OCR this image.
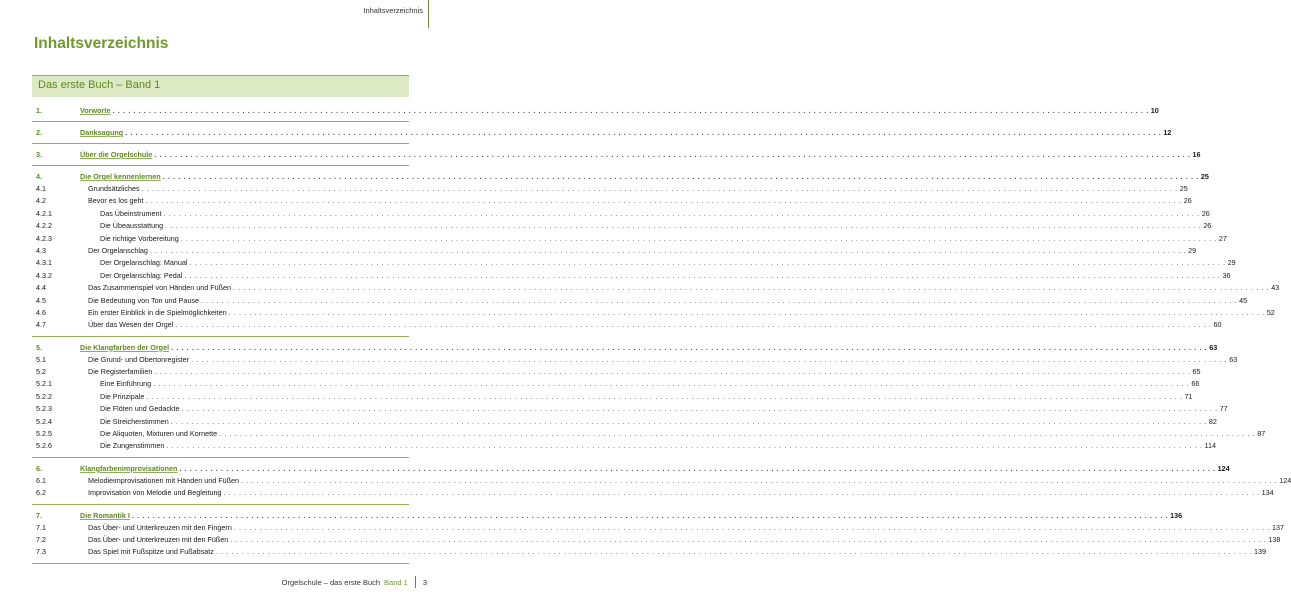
Inhaltsverzeichnis
Inhaltsverzeichnis
Das erste Buch – Band 1
1.	Vorworte . . . . . . . . . . . . . . . . . . . . . . . . . . . . . . . . . . . . . . . . . . . . . . . . . . . . . . . . . . . . . . . . . . . . . . . . . . . . . . . . . . . . . . . . . . . . . . . . . . . . . . . . . . . . . . . . . . . . . . . . . . . . . . . . . . . . . . . . . . . . . . . . . . . . . . . . . . . . . . . . . . . . . . . . . . . . . . . . . . . . . . . . . . . . . . . . . . . . . . . . 10
2.	Danksagung . . . . . . . . . . . . . . . . . . . . . . . . . . . . . . . . . . . . . . . . . . . . . . . . . . . . . . . . . . . . . . . . . . . . . . . . . . . . . . . . . . . . . . . . . . . . . . . . . . . . . . . . . . . . . . . . . . . . . . . . . . . . . . . . . . . . . . . . . . . . . . . . . . . . . . . . . . . . . . . . . . . . . . . . . . . . . . . . . . . . . . . . . . . . . . . . . . . . . . . . 12
3.	Über die Orgelschule . . . . . . . . . . . . . . . . . . . . . . . . . . . . . . . . . . . . . . . . . . . . . . . . . . . . . . . . . . . . . . . . . . . . . . . . . . . . . . . . . . . . . . . . . . . . . . . . . . . . . . . . . . . . . . . . . . . . . . . . . . . . . . . . . . . . . . . . . . . . . . . . . . . . . . . . . . . . . . . . . . . . . . . . . . . . . . . . . . . . . . . . . . . . . . . . . . . . . . . . 16
4.	Die Orgel kennenlernen . . . . . . . . . . . . . . . . . . . . . . . . . . . . . . . . . . . . . . . . . . . . . . . . . . . . . . . . . . . . . . . . . . . . . . . . . . . . . . . . . . . . . . . . . . . . . . . . . . . . . . . . . . . . . . . . . . . . . . . . . . . . . . . . . . . . . . . . . . . . . . . . . . . . . . . . . . . . . . . . . . . . . . . . . . . . . . . . . . . . . . . . . . . . . . . . . . . . . . . . 25
4.1	Grundsätzliches . . . . . . . . . . . . . . . . . . . . . . . . . . . . . . . . . . . . . . . . . . . . . . . . . . . . . . . . . . . . . . . . . . . . . . . . . . . . . . . . . . . . . . . . . . . . . . . . . . . . . . . . . . . . . . . . . . . . . . . . . . . . . . . . . . . . . . . . . . . . . . . . . . . . . . . . . . . . . . . . . . . . . . . . . . . . . . . . . . . . . . . . . . . . . . . . . . . . . . . . 25
4.2	Bevor es los geht . . . . . . . . . . . . . . . . . . . . . . . . . . . . . . . . . . . . . . . . . . . . . . . . . . . . . . . . . . . . . . . . . . . . . . . . . . . . . . . . . . . . . . . . . . . . . . . . . . . . . . . . . . . . . . . . . . . . . . . . . . . . . . . . . . . . . . . . . . . . . . . . . . . . . . . . . . . . . . . . . . . . . . . . . . . . . . . . . . . . . . . . . . . . . . . . . . . . . . . . 26
4.2.1	Das Übeinstrument . . . . . . . . . . . . . . . . . . . . . . . . . . . . . . . . . . . . . . . . . . . . . . . . . . . . . . . . . . . . . . . . . . . . . . . . . . . . . . . . . . . . . . . . . . . . . . . . . . . . . . . . . . . . . . . . . . . . . . . . . . . . . . . . . . . . . . . . . . . . . . . . . . . . . . . . . . . . . . . . . . . . . . . . . . . . . . . . . . . . . . . . . . . . . . . . . . . . . . . . 26
4.2.2	Die Übeausstattung . . . . . . . . . . . . . . . . . . . . . . . . . . . . . . . . . . . . . . . . . . . . . . . . . . . . . . . . . . . . . . . . . . . . . . . . . . . . . . . . . . . . . . . . . . . . . . . . . . . . . . . . . . . . . . . . . . . . . . . . . . . . . . . . . . . . . . . . . . . . . . . . . . . . . . . . . . . . . . . . . . . . . . . . . . . . . . . . . . . . . . . . . . . . . . . . . . . . . . . . 26
4.2.3	Die richtige Vorbereitung . . . . . . . . . . . . . . . . . . . . . . . . . . . . . . . . . . . . . . . . . . . . . . . . . . . . . . . . . . . . . . . . . . . . . . . . . . . . . . . . . . . . . . . . . . . . . . . . . . . . . . . . . . . . . . . . . . . . . . . . . . . . . . . . . . . . . . . . . . . . . . . . . . . . . . . . . . . . . . . . . . . . . . . . . . . . . . . . . . . . . . . . . . . . . . . . . . . . . . . . 27
4.3	Der Orgelanschlag . . . . . . . . . . . . . . . . . . . . . . . . . . . . . . . . . . . . . . . . . . . . . . . . . . . . . . . . . . . . . . . . . . . . . . . . . . . . . . . . . . . . . . . . . . . . . . . . . . . . . . . . . . . . . . . . . . . . . . . . . . . . . . . . . . . . . . . . . . . . . . . . . . . . . . . . . . . . . . . . . . . . . . . . . . . . . . . . . . . . . . . . . . . . . . . . . . . . . . . . 29
4.3.1	Der Orgelanschlag: Manual . . . . . . . . . . . . . . . . . . . . . . . . . . . . . . . . . . . . . . . . . . . . . . . . . . . . . . . . . . . . . . . . . . . . . . . . . . . . . . . . . . . . . . . . . . . . . . . . . . . . . . . . . . . . . . . . . . . . . . . . . . . . . . . . . . . . . . . . . . . . . . . . . . . . . . . . . . . . . . . . . . . . . . . . . . . . . . . . . . . . . . . . . . . . . . . . . . . . . . . . 29
4.3.2	Der Orgelanschlag: Pedal . . . . . . . . . . . . . . . . . . . . . . . . . . . . . . . . . . . . . . . . . . . . . . . . . . . . . . . . . . . . . . . . . . . . . . . . . . . . . . . . . . . . . . . . . . . . . . . . . . . . . . . . . . . . . . . . . . . . . . . . . . . . . . . . . . . . . . . . . . . . . . . . . . . . . . . . . . . . . . . . . . . . . . . . . . . . . . . . . . . . . . . . . . . . . . . . . . . . . . . . 36
4.4	Das Zusammenspiel von Händen und Füßen . . . . . . . . . . . . . . . . . . . . . . . . . . . . . . . . . . . . . . . . . . . . . . . . . . . . . . . . . . . . . . . . . . . . . . . . . . . . . . . . . . . . . . . . . . . . . . . . . . . . . . . . . . . . . . . . . . . . . . . . . . . . . . . . . . . . . . . . . . . . . . . . . . . . . . . . . . . . . . . . . . . . . . . . . . . . . . . . . . . . . . . . . . . . . . . . . . . . . . . . 43
4.5	Die Bedeutung von Ton und Pause . . . . . . . . . . . . . . . . . . . . . . . . . . . . . . . . . . . . . . . . . . . . . . . . . . . . . . . . . . . . . . . . . . . . . . . . . . . . . . . . . . . . . . . . . . . . . . . . . . . . . . . . . . . . . . . . . . . . . . . . . . . . . . . . . . . . . . . . . . . . . . . . . . . . . . . . . . . . . . . . . . . . . . . . . . . . . . . . . . . . . . . . . . . . . . . . . . . . . . . . 45
4.6	Ein erster Einblick in die Spielmöglichkeiten . . . . . . . . . . . . . . . . . . . . . . . . . . . . . . . . . . . . . . . . . . . . . . . . . . . . . . . . . . . . . . . . . . . . . . . . . . . . . . . . . . . . . . . . . . . . . . . . . . . . . . . . . . . . . . . . . . . . . . . . . . . . . . . . . . . . . . . . . . . . . . . . . . . . . . . . . . . . . . . . . . . . . . . . . . . . . . . . . . . . . . . . . . . . . . . . . . . . . . . . 52
4.7	Über das Wesen der Orgel . . . . . . . . . . . . . . . . . . . . . . . . . . . . . . . . . . . . . . . . . . . . . . . . . . . . . . . . . . . . . . . . . . . . . . . . . . . . . . . . . . . . . . . . . . . . . . . . . . . . . . . . . . . . . . . . . . . . . . . . . . . . . . . . . . . . . . . . . . . . . . . . . . . . . . . . . . . . . . . . . . . . . . . . . . . . . . . . . . . . . . . . . . . . . . . . . . . . . . . . 60
5.	Die Klangfarben der Orgel . . . . . . . . . . . . . . . . . . . . . . . . . . . . . . . . . . . . . . . . . . . . . . . . . . . . . . . . . . . . . . . . . . . . . . . . . . . . . . . . . . . . . . . . . . . . . . . . . . . . . . . . . . . . . . . . . . . . . . . . . . . . . . . . . . . . . . . . . . . . . . . . . . . . . . . . . . . . . . . . . . . . . . . . . . . . . . . . . . . . . . . . . . . . . . . . . . . . . . . . 63
5.1	Die Grund- und Obertonregister . . . . . . . . . . . . . . . . . . . . . . . . . . . . . . . . . . . . . . . . . . . . . . . . . . . . . . . . . . . . . . . . . . . . . . . . . . . . . . . . . . . . . . . . . . . . . . . . . . . . . . . . . . . . . . . . . . . . . . . . . . . . . . . . . . . . . . . . . . . . . . . . . . . . . . . . . . . . . . . . . . . . . . . . . . . . . . . . . . . . . . . . . . . . . . . . . . . . . . . . 63
5.2	Die Registerfamilien . . . . . . . . . . . . . . . . . . . . . . . . . . . . . . . . . . . . . . . . . . . . . . . . . . . . . . . . . . . . . . . . . . . . . . . . . . . . . . . . . . . . . . . . . . . . . . . . . . . . . . . . . . . . . . . . . . . . . . . . . . . . . . . . . . . . . . . . . . . . . . . . . . . . . . . . . . . . . . . . . . . . . . . . . . . . . . . . . . . . . . . . . . . . . . . . . . . . . . . . 65
5.2.1	Eine Einführung . . . . . . . . . . . . . . . . . . . . . . . . . . . . . . . . . . . . . . . . . . . . . . . . . . . . . . . . . . . . . . . . . . . . . . . . . . . . . . . . . . . . . . . . . . . . . . . . . . . . . . . . . . . . . . . . . . . . . . . . . . . . . . . . . . . . . . . . . . . . . . . . . . . . . . . . . . . . . . . . . . . . . . . . . . . . . . . . . . . . . . . . . . . . . . . . . . . . . . . . 66
5.2.2	Die Prinzipale . . . . . . . . . . . . . . . . . . . . . . . . . . . . . . . . . . . . . . . . . . . . . . . . . . . . . . . . . . . . . . . . . . . . . . . . . . . . . . . . . . . . . . . . . . . . . . . . . . . . . . . . . . . . . . . . . . . . . . . . . . . . . . . . . . . . . . . . . . . . . . . . . . . . . . . . . . . . . . . . . . . . . . . . . . . . . . . . . . . . . . . . . . . . . . . . . . . . . . . . 71
5.2.3	Die Flöten und Gedackte . . . . . . . . . . . . . . . . . . . . . . . . . . . . . . . . . . . . . . . . . . . . . . . . . . . . . . . . . . . . . . . . . . . . . . . . . . . . . . . . . . . . . . . . . . . . . . . . . . . . . . . . . . . . . . . . . . . . . . . . . . . . . . . . . . . . . . . . . . . . . . . . . . . . . . . . . . . . . . . . . . . . . . . . . . . . . . . . . . . . . . . . . . . . . . . . . . . . . . . . 77
5.2.4	Die Streicherstimmen . . . . . . . . . . . . . . . . . . . . . . . . . . . . . . . . . . . . . . . . . . . . . . . . . . . . . . . . . . . . . . . . . . . . . . . . . . . . . . . . . . . . . . . . . . . . . . . . . . . . . . . . . . . . . . . . . . . . . . . . . . . . . . . . . . . . . . . . . . . . . . . . . . . . . . . . . . . . . . . . . . . . . . . . . . . . . . . . . . . . . . . . . . . . . . . . . . . . . . . . 82
5.2.5	Die Aliquoten, Mixturen und Kornette . . . . . . . . . . . . . . . . . . . . . . . . . . . . . . . . . . . . . . . . . . . . . . . . . . . . . . . . . . . . . . . . . . . . . . . . . . . . . . . . . . . . . . . . . . . . . . . . . . . . . . . . . . . . . . . . . . . . . . . . . . . . . . . . . . . . . . . . . . . . . . . . . . . . . . . . . . . . . . . . . . . . . . . . . . . . . . . . . . . . . . . . . . . . . . . . . . . . . . . . 87
5.2.6	Die Zungenstimmen . . . . . . . . . . . . . . . . . . . . . . . . . . . . . . . . . . . . . . . . . . . . . . . . . . . . . . . . . . . . . . . . . . . . . . . . . . . . . . . . . . . . . . . . . . . . . . . . . . . . . . . . . . . . . . . . . . . . . . . . . . . . . . . . . . . . . . . . . . . . . . . . . . . . . . . . . . . . . . . . . . . . . . . . . . . . . . . . . . . . . . . . . . . . . . . . . . . . . . . . 114
6.	Klangfarbenimprovisationen . . . . . . . . . . . . . . . . . . . . . . . . . . . . . . . . . . . . . . . . . . . . . . . . . . . . . . . . . . . . . . . . . . . . . . . . . . . . . . . . . . . . . . . . . . . . . . . . . . . . . . . . . . . . . . . . . . . . . . . . . . . . . . . . . . . . . . . . . . . . . . . . . . . . . . . . . . . . . . . . . . . . . . . . . . . . . . . . . . . . . . . . . . . . . . . . . . . . . . . . 124
6.1	Melodieimprovisationen mit Händen und Füßen . . . . . . . . . . . . . . . . . . . . . . . . . . . . . . . . . . . . . . . . . . . . . . . . . . . . . . . . . . . . . . . . . . . . . . . . . . . . . . . . . . . . . . . . . . . . . . . . . . . . . . . . . . . . . . . . . . . . . . . . . . . . . . . . . . . . . . . . . . . . . . . . . . . . . . . . . . . . . . . . . . . . . . . . . . . . . . . . . . . . . . . . . . . . . . . . . . . . . . . . 124
6.2	Improvisation von Melodie und Begleitung . . . . . . . . . . . . . . . . . . . . . . . . . . . . . . . . . . . . . . . . . . . . . . . . . . . . . . . . . . . . . . . . . . . . . . . . . . . . . . . . . . . . . . . . . . . . . . . . . . . . . . . . . . . . . . . . . . . . . . . . . . . . . . . . . . . . . . . . . . . . . . . . . . . . . . . . . . . . . . . . . . . . . . . . . . . . . . . . . . . . . . . . . . . . . . . . . . . . . . . . 134
7.	Die Romantik I . . . . . . . . . . . . . . . . . . . . . . . . . . . . . . . . . . . . . . . . . . . . . . . . . . . . . . . . . . . . . . . . . . . . . . . . . . . . . . . . . . . . . . . . . . . . . . . . . . . . . . . . . . . . . . . . . . . . . . . . . . . . . . . . . . . . . . . . . . . . . . . . . . . . . . . . . . . . . . . . . . . . . . . . . . . . . . . . . . . . . . . . . . . . . . . . . . . . . . . . 136
7.1	Das Über- und Unterkreuzen mit den Fingern . . . . . . . . . . . . . . . . . . . . . . . . . . . . . . . . . . . . . . . . . . . . . . . . . . . . . . . . . . . . . . . . . . . . . . . . . . . . . . . . . . . . . . . . . . . . . . . . . . . . . . . . . . . . . . . . . . . . . . . . . . . . . . . . . . . . . . . . . . . . . . . . . . . . . . . . . . . . . . . . . . . . . . . . . . . . . . . . . . . . . . . . . . . . . . . . . . . . . . . . 137
7.2	Das Über- und Unterkreuzen mit den Füßen . . . . . . . . . . . . . . . . . . . . . . . . . . . . . . . . . . . . . . . . . . . . . . . . . . . . . . . . . . . . . . . . . . . . . . . . . . . . . . . . . . . . . . . . . . . . . . . . . . . . . . . . . . . . . . . . . . . . . . . . . . . . . . . . . . . . . . . . . . . . . . . . . . . . . . . . . . . . . . . . . . . . . . . . . . . . . . . . . . . . . . . . . . . . . . . . . . . . . . . . 138
7.3	Das Spiel mit Fußspitze und Fußabsatz . . . . . . . . . . . . . . . . . . . . . . . . . . . . . . . . . . . . . . . . . . . . . . . . . . . . . . . . . . . . . . . . . . . . . . . . . . . . . . . . . . . . . . . . . . . . . . . . . . . . . . . . . . . . . . . . . . . . . . . . . . . . . . . . . . . . . . . . . . . . . . . . . . . . . . . . . . . . . . . . . . . . . . . . . . . . . . . . . . . . . . . . . . . . . . . . . . . . . . . . 139
Orgelschule – das erste Buch Band 1 3
